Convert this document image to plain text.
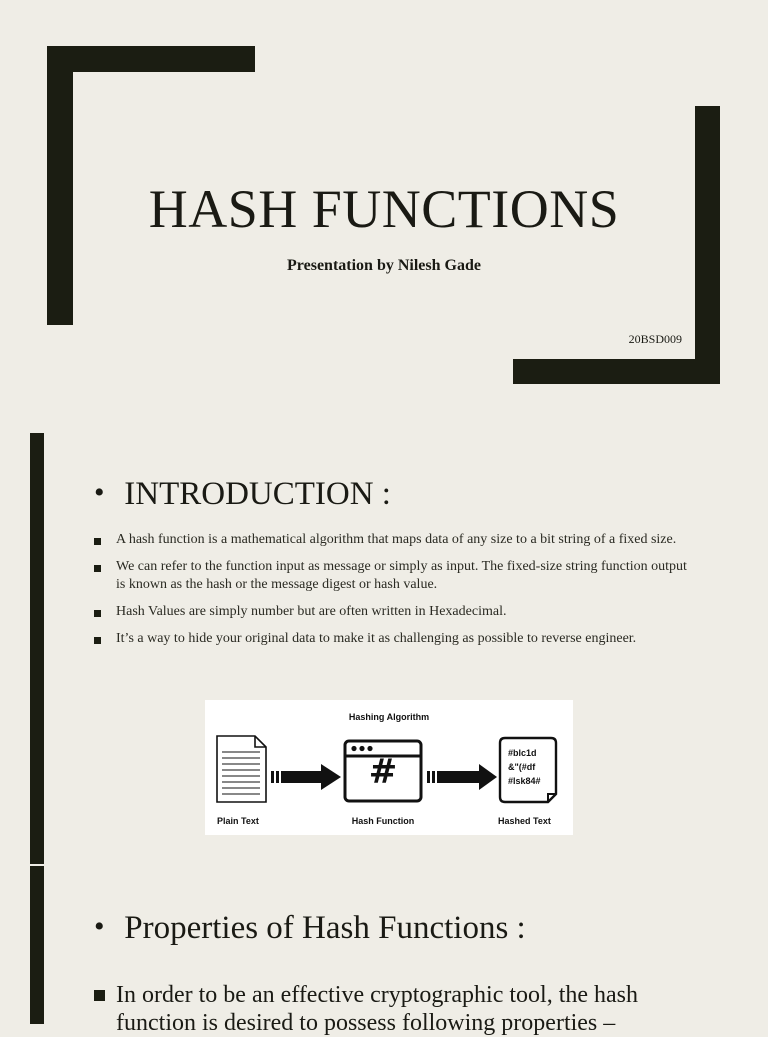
HASH FUNCTIONS
Presentation by Nilesh Gade
20BSD009
• INTRODUCTION :
A hash function is a mathematical algorithm that maps data of any size to a bit string of a fixed size.
We can refer to the function input as message or simply as input. The fixed-size string function output is known as the hash or the message digest or hash value.
Hash Values are simply number but are often written in Hexadecimal.
It’s a way to hide your original data to make it as challenging as possible to reverse engineer.
Hashing Algorithm
#	#blc1d
&"(#df
#lsk84#
Plain Text	Hash Function	Hashed Text
• Properties of Hash Functions :
In order to be an effective cryptographic tool, the hash function is desired to possess following properties –
